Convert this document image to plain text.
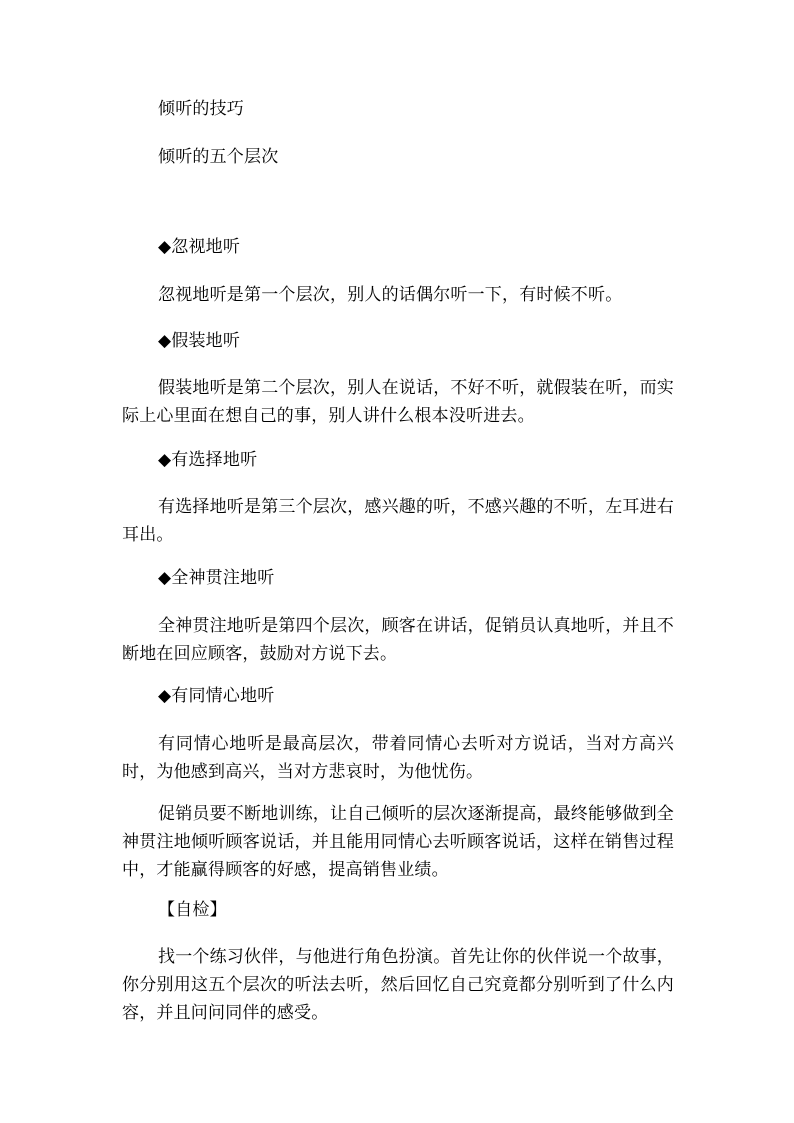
倾听的技巧
倾听的五个层次
◆忽视地听
忽视地听是第一个层次，别人的话偶尔听一下，有时候不听。
◆假装地听
假装地听是第二个层次，别人在说话，不好不听，就假装在听，而实际上心里面在想自己的事，别人讲什么根本没听进去。
◆有选择地听
有选择地听是第三个层次，感兴趣的听，不感兴趣的不听，左耳进右耳出。
◆全神贯注地听
全神贯注地听是第四个层次，顾客在讲话，促销员认真地听，并且不断地在回应顾客，鼓励对方说下去。
◆有同情心地听
有同情心地听是最高层次，带着同情心去听对方说话，当对方高兴时，为他感到高兴，当对方悲哀时，为他忧伤。
促销员要不断地训练，让自己倾听的层次逐渐提高，最终能够做到全神贯注地倾听顾客说话，并且能用同情心去听顾客说话，这样在销售过程中，才能赢得顾客的好感，提高销售业绩。
【自检】
找一个练习伙伴，与他进行角色扮演。首先让你的伙伴说一个故事，你分别用这五个层次的听法去听，然后回忆自己究竟都分别听到了什么内容，并且问问同伴的感受。
